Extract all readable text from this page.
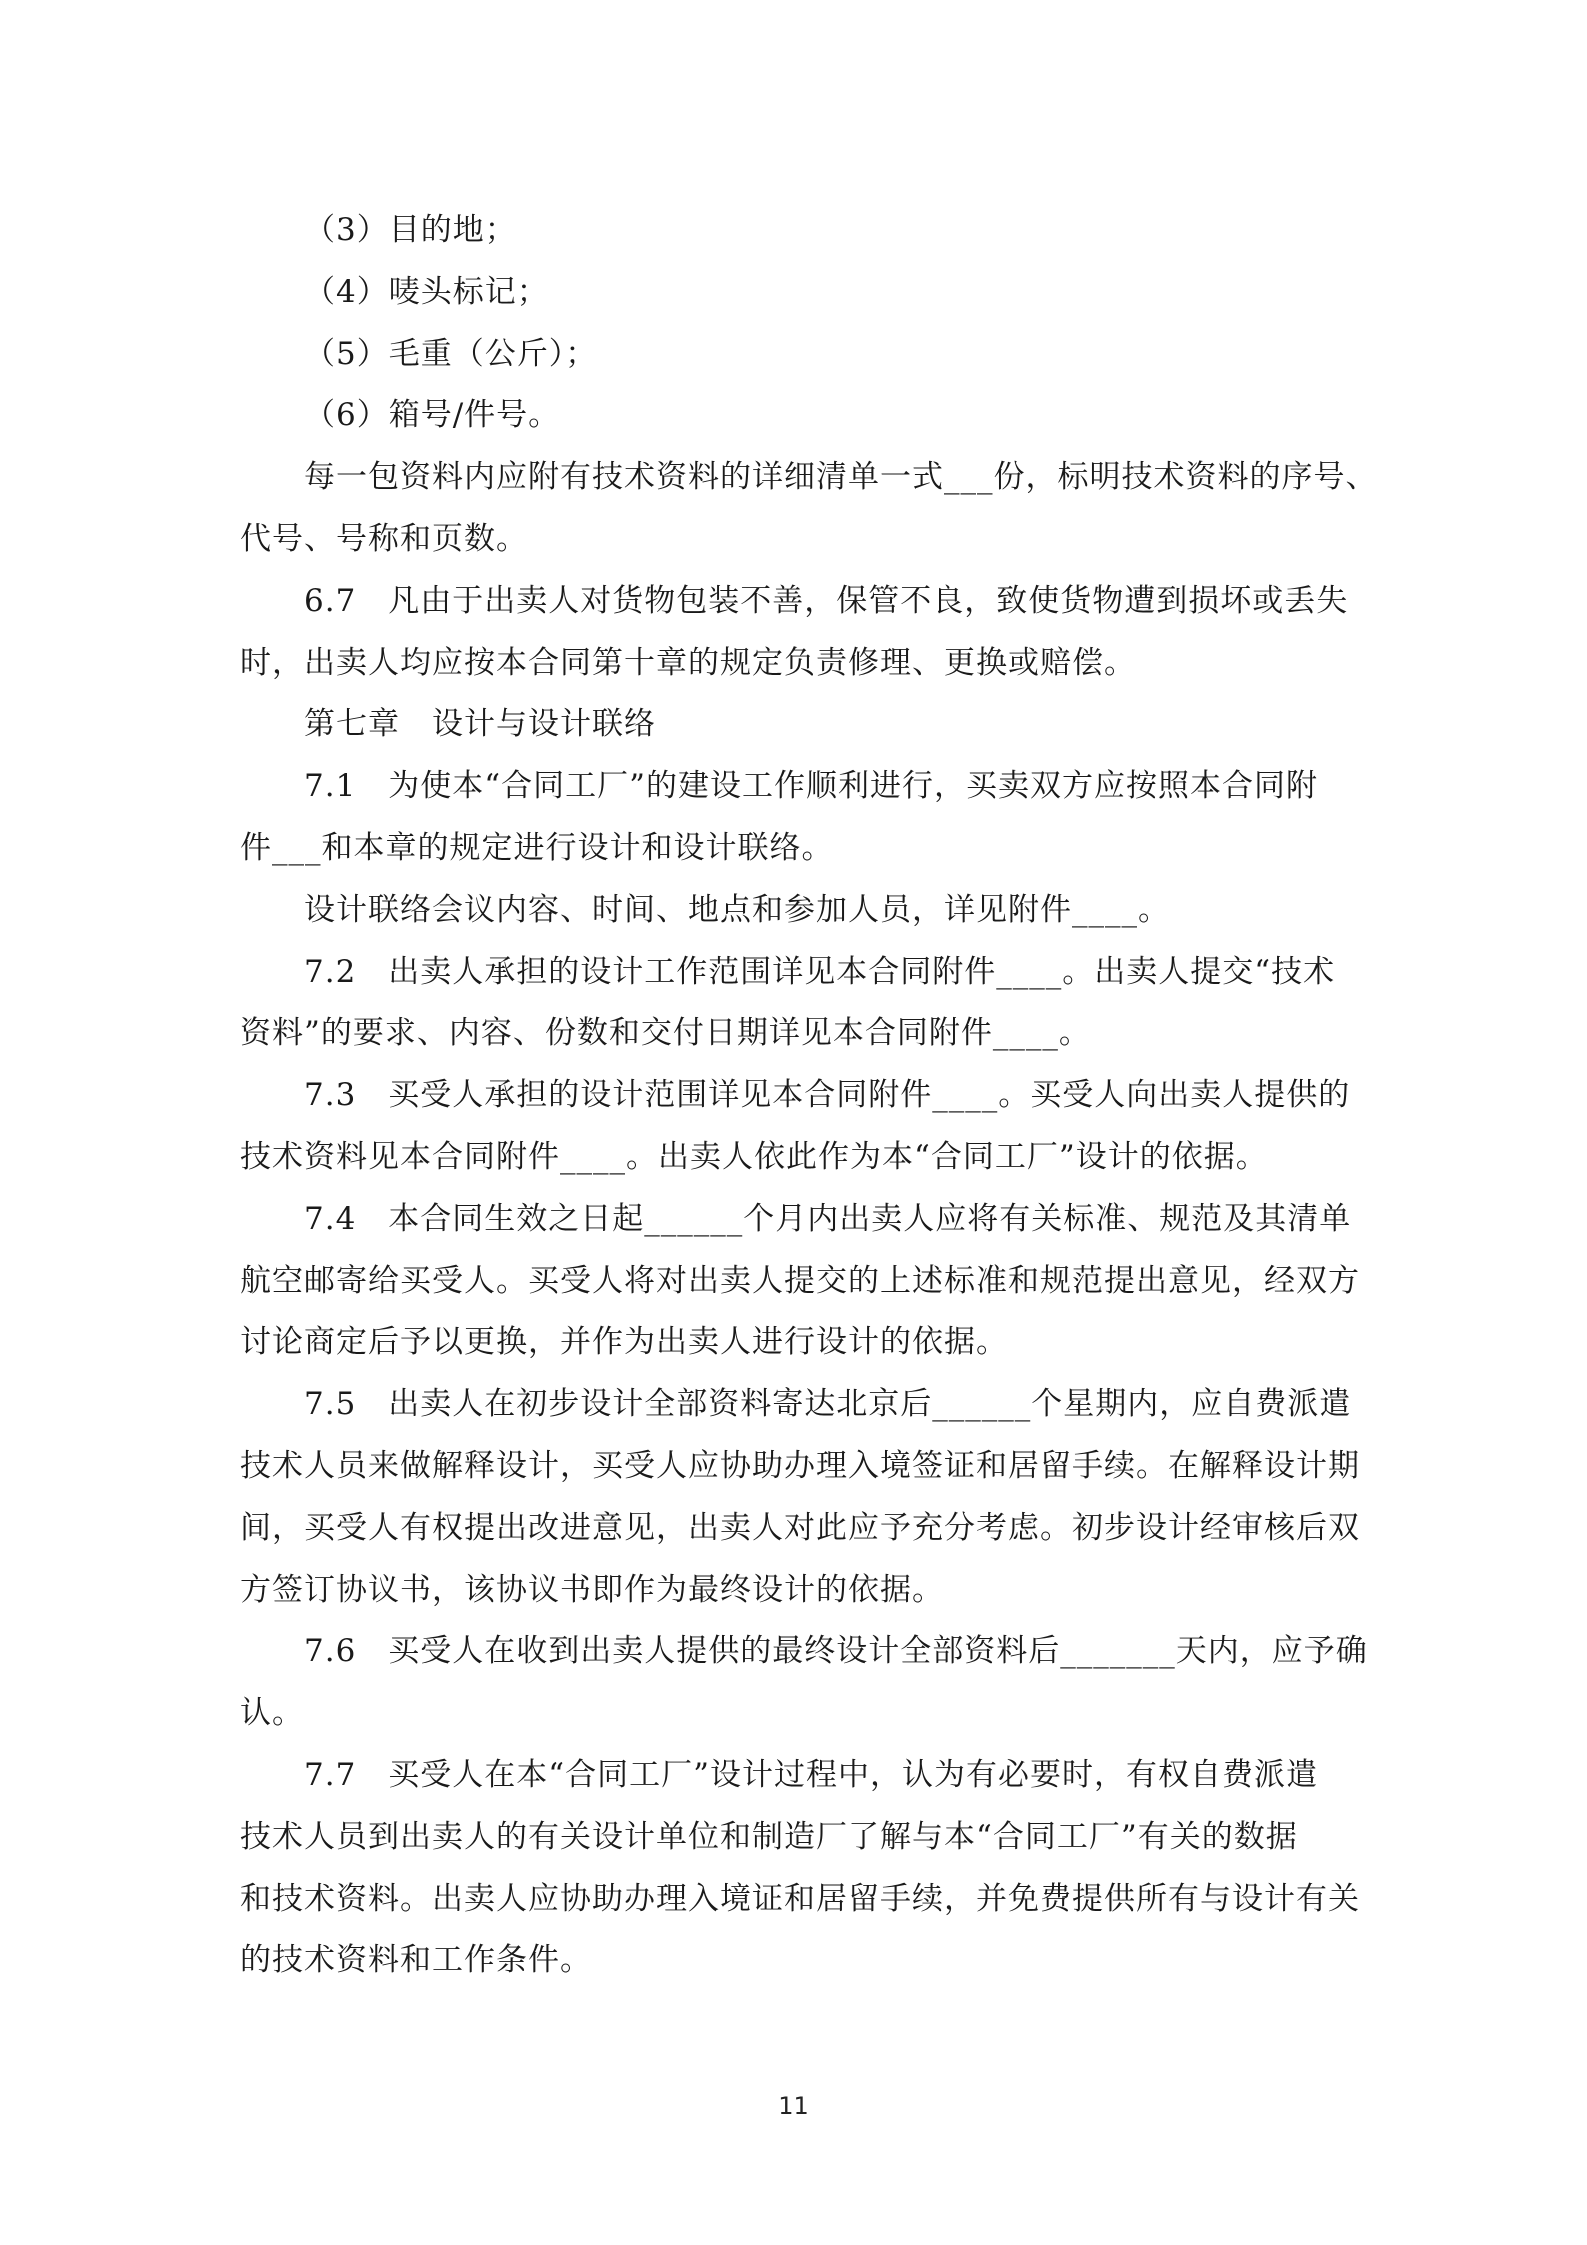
（3）目的地；
（4）唛头标记；
（5）毛重（公斤）；
（6）箱号/件号。
每一包资料内应附有技术资料的详细清单一式___份，标明技术资料的序号、
代号、号称和页数。
6.7　凡由于出卖人对货物包装不善，保管不良，致使货物遭到损坏或丢失
时，出卖人均应按本合同第十章的规定负责修理、更换或赔偿。
第七章　设计与设计联络
7.1　为使本“合同工厂”的建设工作顺利进行，买卖双方应按照本合同附
件___和本章的规定进行设计和设计联络。
设计联络会议内容、时间、地点和参加人员，详见附件____。
7.2　出卖人承担的设计工作范围详见本合同附件____。出卖人提交“技术
资料”的要求、内容、份数和交付日期详见本合同附件____。
7.3　买受人承担的设计范围详见本合同附件____。买受人向出卖人提供的
技术资料见本合同附件____。出卖人依此作为本“合同工厂”设计的依据。
7.4　本合同生效之日起______个月内出卖人应将有关标准、规范及其清单
航空邮寄给买受人。买受人将对出卖人提交的上述标准和规范提出意见，经双方
讨论商定后予以更换，并作为出卖人进行设计的依据。
7.5　出卖人在初步设计全部资料寄达北京后______个星期内，应自费派遣
技术人员来做解释设计，买受人应协助办理入境签证和居留手续。在解释设计期
间，买受人有权提出改进意见，出卖人对此应予充分考虑。初步设计经审核后双
方签订协议书，该协议书即作为最终设计的依据。
7.6　买受人在收到出卖人提供的最终设计全部资料后_______天内，应予确
认。
7.7　买受人在本“合同工厂”设计过程中，认为有必要时，有权自费派遣
技术人员到出卖人的有关设计单位和制造厂了解与本“合同工厂”有关的数据
和技术资料。出卖人应协助办理入境证和居留手续，并免费提供所有与设计有关
的技术资料和工作条件。
11
